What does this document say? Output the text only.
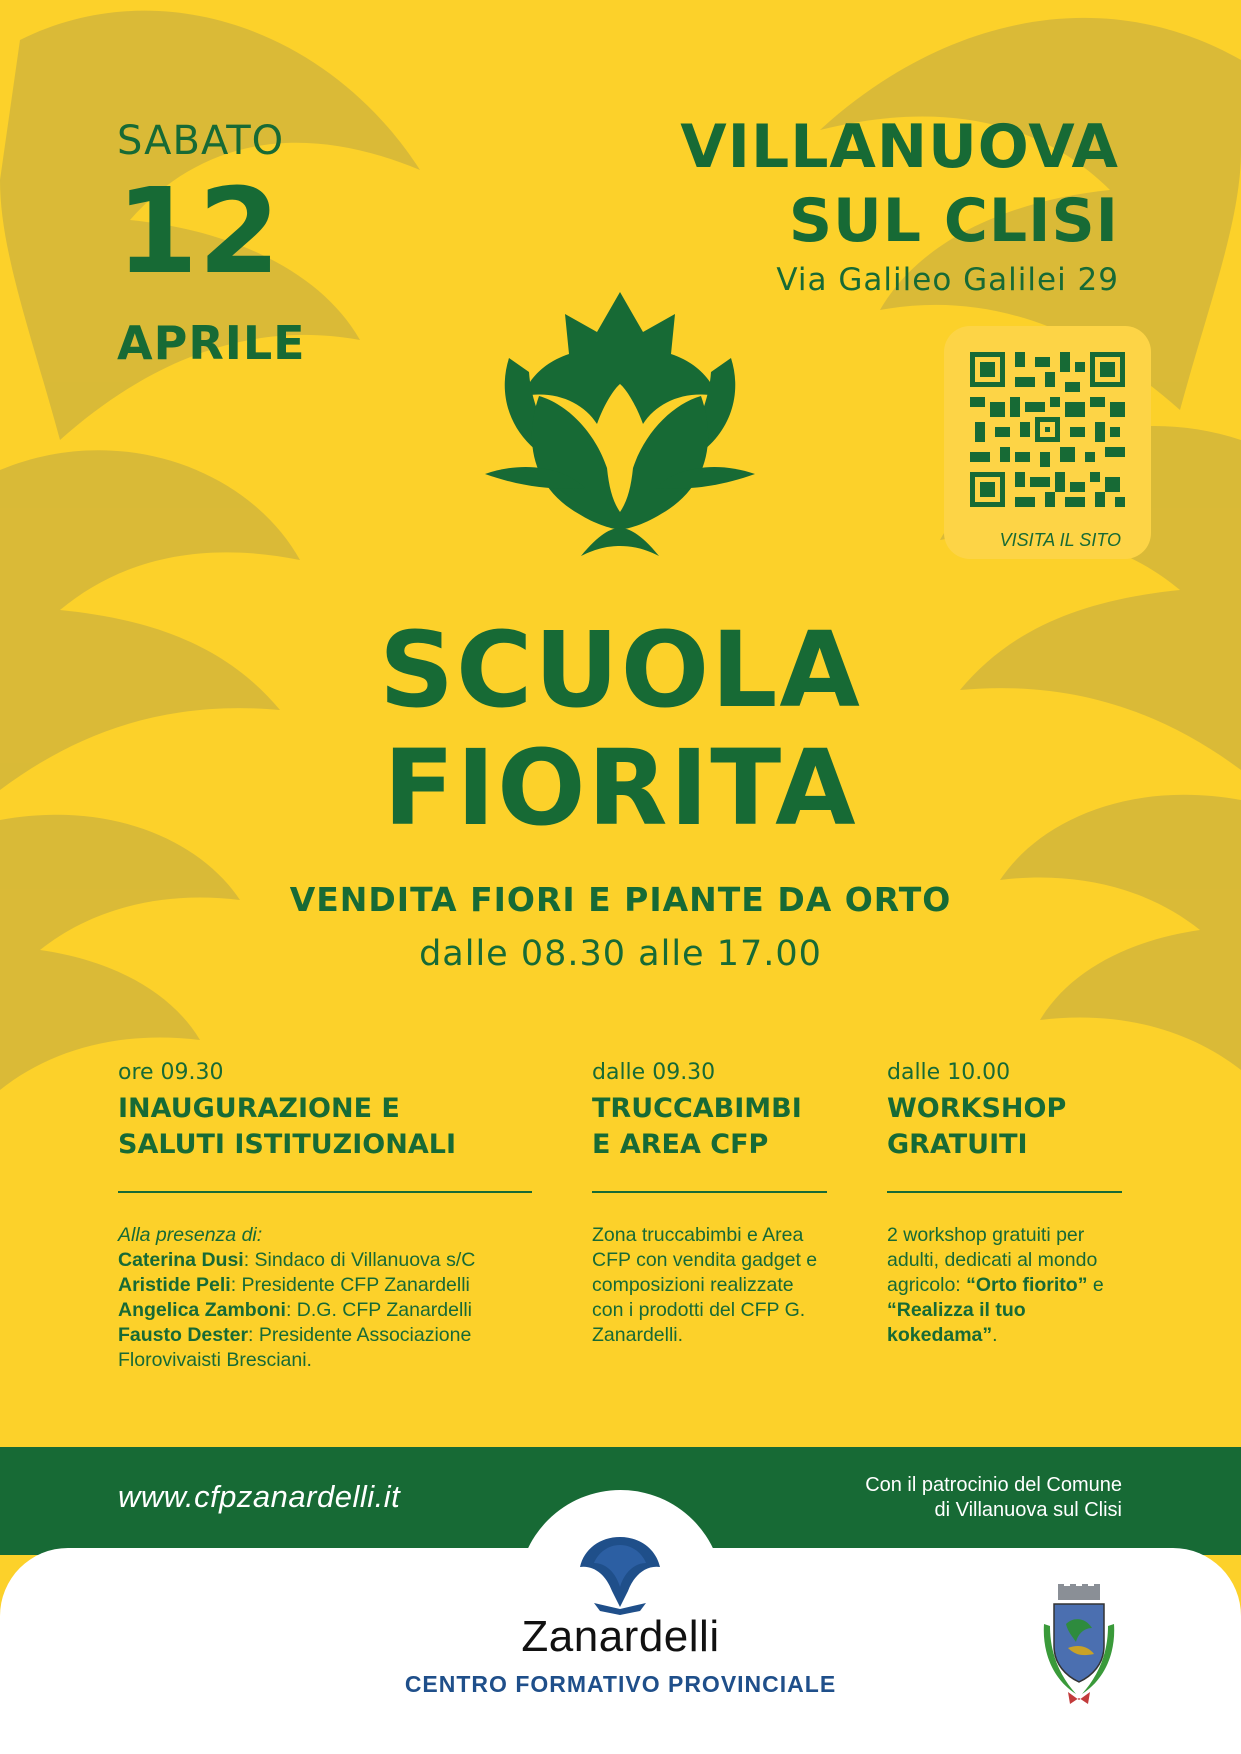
SABATO
12
APRILE
VILLANUOVA
SUL CLISI
Via Galileo Galilei 29
VISITA IL SITO
SCUOLA
FIORITA
VENDITA FIORI E PIANTE DA ORTO
dalle 08.30 alle 17.00
ore 09.30
INAUGURAZIONE E
SALUTI ISTITUZIONALI
Alla presenza di:
Caterina Dusi: Sindaco di Villanuova s/C
Aristide Peli: Presidente CFP Zanardelli
Angelica Zamboni: D.G. CFP Zanardelli
Fausto Dester: Presidente Associazione Florovivaisti Bresciani.
dalle 09.30
TRUCCABIMBI
E AREA CFP
Zona truccabimbi e Area CFP con vendita gadget e composizioni realizzate con i prodotti del CFP G. Zanardelli.
dalle 10.00
WORKSHOP
GRATUITI
2 workshop gratuiti per adulti, dedicati al mondo agricolo: “Orto fiorito” e “Realizza il tuo kokedama”.
www.cfpzanardelli.it	Con il patrocinio del Comune
di Villanuova sul Clisi
Zanardelli
CENTRO FORMATIVO PROVINCIALE
